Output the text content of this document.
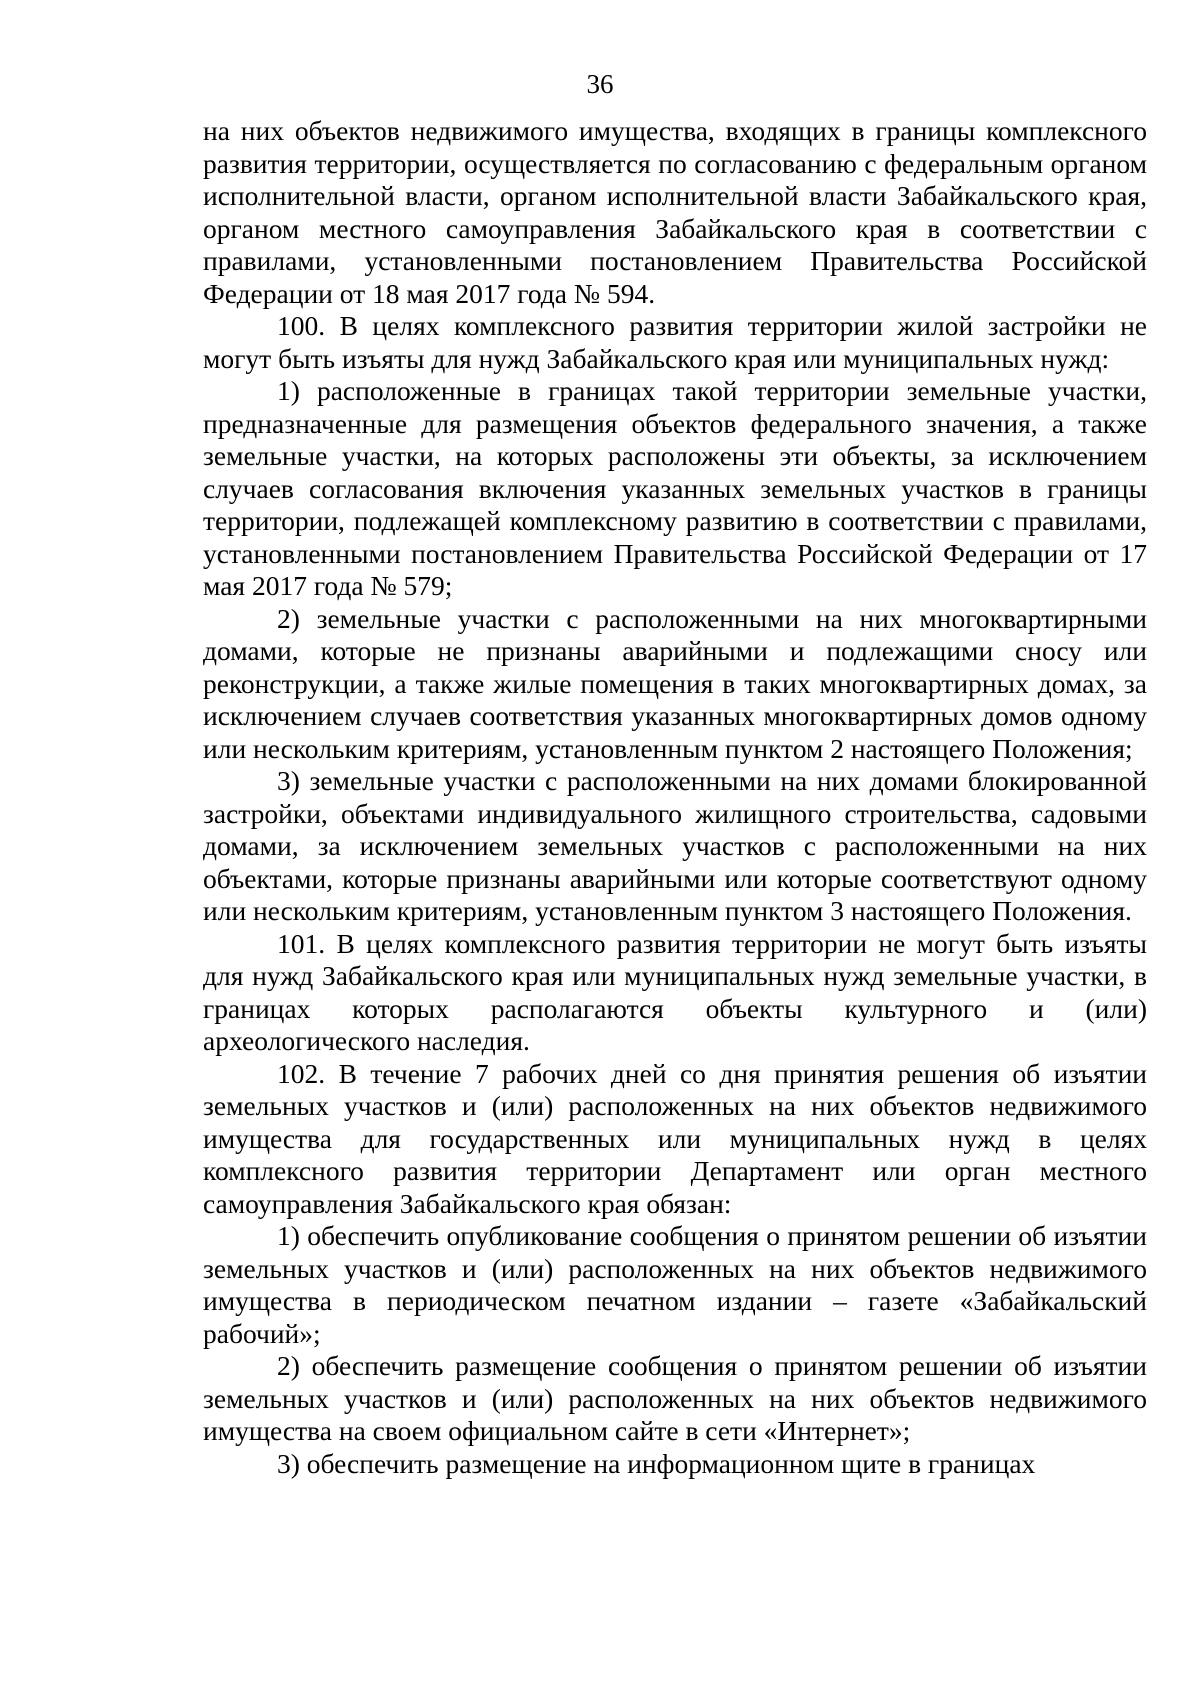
36

на них объектов недвижимого имущества, входящих в границы комплексного развития территории, осуществляется по согласованию с федеральным органом исполнительной власти, органом исполнительной власти Забайкальского края, органом местного самоуправления Забайкальского края в соответствии с правилами, установленными постановлением Правительства Российской Федерации от 18 мая 2017 года № 594.

100. В целях комплексного развития территории жилой застройки не могут быть изъяты для нужд Забайкальского края или муниципальных нужд:

1) расположенные в границах такой территории земельные участки, предназначенные для размещения объектов федерального значения, а также земельные участки, на которых расположены эти объекты, за исключением случаев согласования включения указанных земельных участков в границы территории, подлежащей комплексному развитию в соответствии с правилами, установленными постановлением Правительства Российской Федерации от 17 мая 2017 года № 579;

2) земельные участки с расположенными на них многоквартирными домами, которые не признаны аварийными и подлежащими сносу или реконструкции, а также жилые помещения в таких многоквартирных домах, за исключением случаев соответствия указанных многоквартирных домов одному или нескольким критериям, установленным пунктом 2 настоящего Положения;

3) земельные участки с расположенными на них домами блокированной застройки, объектами индивидуального жилищного строительства, садовыми домами, за исключением земельных участков с расположенными на них объектами, которые признаны аварийными или которые соответствуют одному или нескольким критериям, установленным пунктом 3 настоящего Положения.

101. В целях комплексного развития территории не могут быть изъяты для нужд Забайкальского края или муниципальных нужд земельные участки, в границах которых располагаются объекты культурного и (или) археологического наследия.

102. В течение 7 рабочих дней со дня принятия решения об изъятии земельных участков и (или) расположенных на них объектов недвижимого имущества для государственных или муниципальных нужд в целях комплексного развития территории Департамент или орган местного самоуправления Забайкальского края обязан:

1) обеспечить опубликование сообщения о принятом решении об изъятии земельных участков и (или) расположенных на них объектов недвижимого имущества в периодическом печатном издании – газете «Забайкальский рабочий»;

2) обеспечить размещение сообщения о принятом решении об изъятии земельных участков и (или) расположенных на них объектов недвижимого имущества на своем официальном сайте в сети «Интернет»;

3) обеспечить размещение на информационном щите в границах
